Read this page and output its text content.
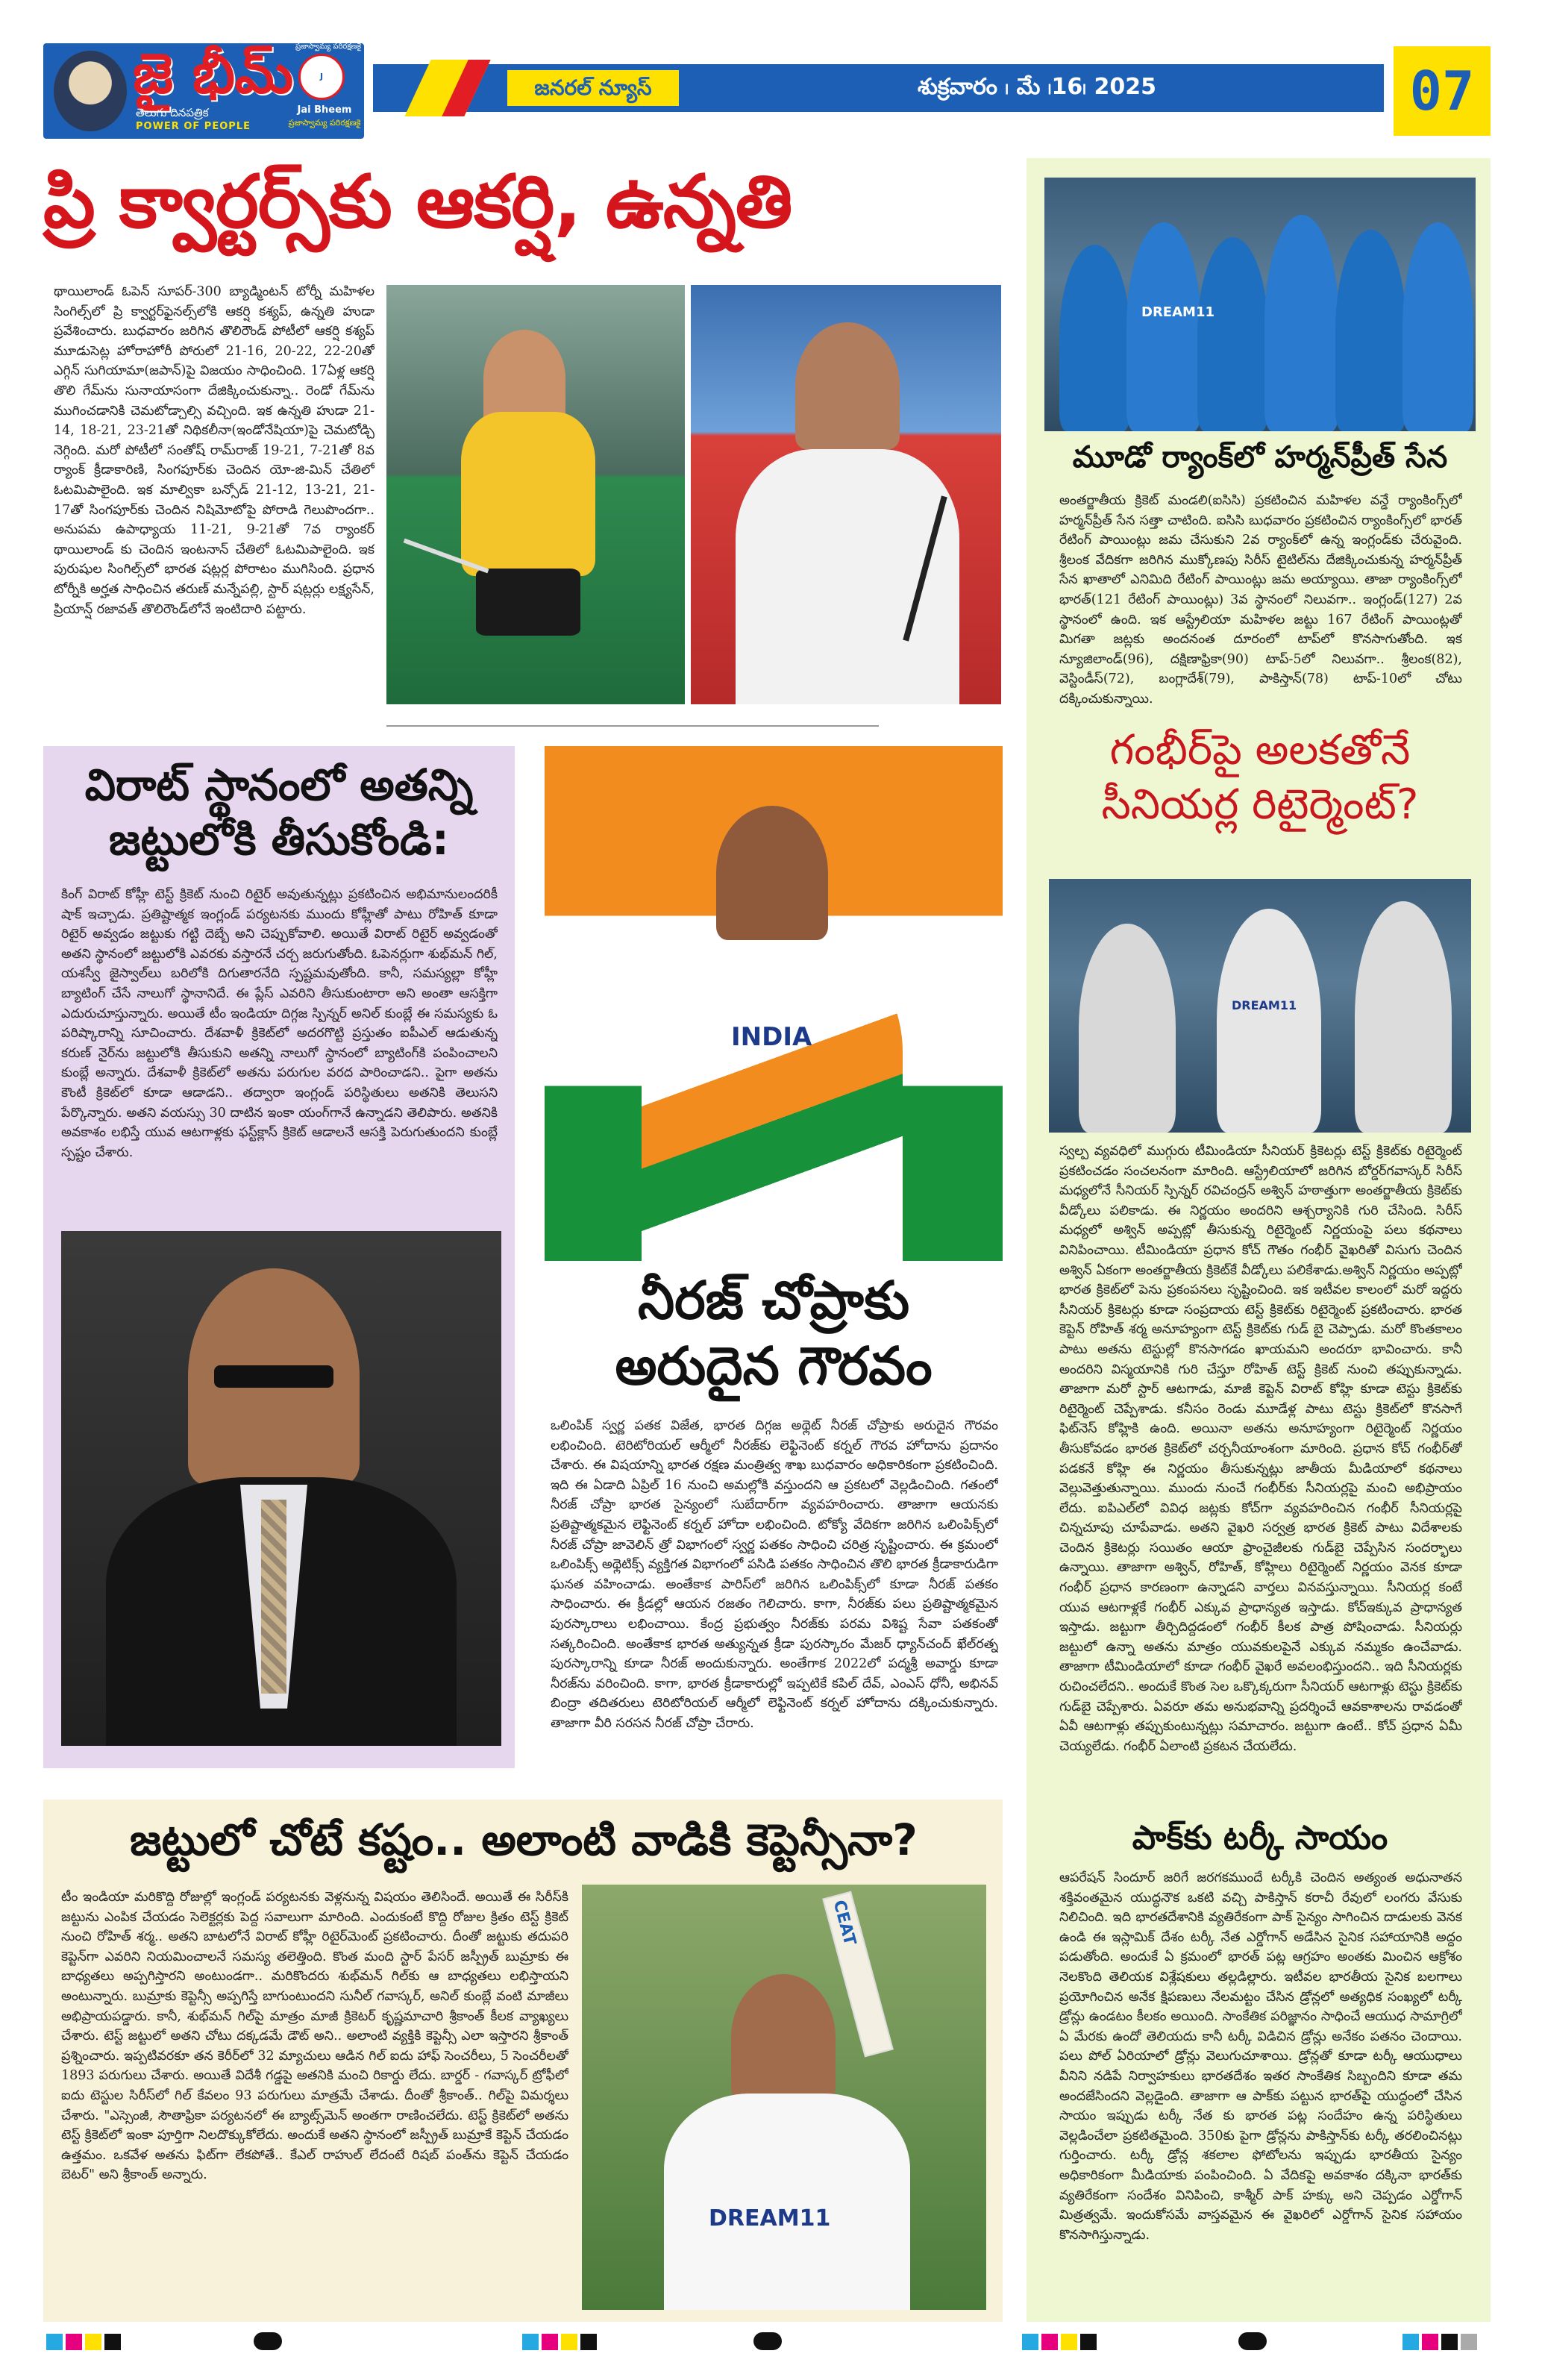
జై భీమ్
తెలుగు దినపత్రిక
POWER OF PEOPLE
ప్రజాస్వామ్య పరిరక్షణకై
J
Jai Bheem
ప్రజాస్వామ్య పరిరక్షణకై
జనరల్ న్యూస్	శుక్రవారం ၊ మే ၊16၊ 2025	07
ప్రి క్వార్టర్స్‌కు ఆకర్షి, ఉన్నతి
థాయిలాండ్ ఓపెన్ సూపర్-300 బ్యాడ్మింటన్ టోర్నీ మహిళల సింగిల్స్‌లో ప్రి క్వార్టర్‌ఫైనల్స్‌లోకి ఆకర్షి కశ్యప్, ఉన్నతి హుడా ప్రవేశించారు. బుధవారం జరిగిన తొలిరౌండ్ పోటీలో ఆకర్షి కశ్యప్ మూడుసెట్ల హోరాహోరీ పోరులో 21-16, 20-22, 22-20తో ఎగ్గిన్ సుగియామా(జపాన్)పై విజయం సాధించింది. 17ఏళ్ల ఆకర్షి తొలి గేమ్‌ను సునాయాసంగా దేజిక్కించుకున్నా.. రెండో గేమ్‌ను ముగించడానికి చెమటోడ్చాల్సి వచ్చింది. ఇక ఉన్నతి హుడా 21-14, 18-21, 23-21తో నిథికలీనా(ఇండోనేషియా)పై చెమటోడ్చి నెగ్గింది. మరో పోటీలో సంతోష్ రామ్‌రాజ్ 19-21, 7-21తో 8వ ర్యాంక్ క్రీడాకారిణి, సింగపూర్‌కు చెందిన యో-జి-మిన్ చేతిలో ఓటమిపాలైంది. ఇక మాల్వికా బన్సోడ్ 21-12, 13-21, 21-17తో సింగపూర్‌కు చెందిన నిషిమోటోపై పోరాడి గెలుపొందగా.. అనుపమ ఉపాధ్యాయ 11-21, 9-21తో 7వ ర్యాంకర్ థాయిలాండ్ కు చెందిన ఇంటనాన్ చేతిలో ఓటమిపాలైంది. ఇక పురుషుల సింగిల్స్‌లో భారత షట్లర్ల పోరాటం ముగిసింది. ప్రధాన టోర్నీకి అర్హత సాధించిన తరుణ్ మన్నేపల్లి, స్టార్ షట్లర్లు లక్ష్యసేన్, ప్రియాన్ష్ రజావత్ తొలిరౌండ్‌లోనే ఇంటిదారి పట్టారు.
విరాట్ స్థానంలో అతన్ని జట్టులోకి తీసుకోండి:
కింగ్ విరాట్ కోహ్లీ టెస్ట్ క్రికెట్ నుంచి రిటైర్ అవుతున్నట్లు ప్రకటించిన అభిమానులందరికీ షాక్ ఇచ్చాడు. ప్రతిష్టాత్మక ఇంగ్లండ్ పర్యటనకు ముందు కోహ్లీతో పాటు రోహిత్ కూడా రిటైర్ అవ్వడం జట్టుకు గట్టి దెబ్బే అని చెప్పుకోవాలి. అయితే విరాట్ రిటైర్ అవ్వడంతో అతని స్థానంలో జట్టులోకి ఎవరకు వస్తారనే చర్చ జరుగుతోంది. ఓపెనర్లుగా శుభ్‌మన్ గిల్, యశస్వీ జైస్వాల్‌లు బరిలోకి దిగుతారనేది స్పష్టమవుతోంది. కానీ, సమస్యల్లా కోహ్లీ బ్యాటింగ్ చేసే నాలుగో స్థానానిదే. ఈ ప్లేస్ ఎవరిని తీసుకుంటారా అని అంతా ఆసక్తిగా ఎదురుచూస్తున్నారు. అయితే టీం ఇండియా దిగ్గజ స్పిన్నర్ అనిల్ కుంబ్లే ఈ సమస్యకు ఓ పరిష్కారాన్ని సూచించారు. దేశవాళీ క్రికెట్‌లో అదరగొట్టి ప్రస్తుతం ఐపీఎల్ ఆడుతున్న కరుణ్ నైర్‌ను జట్టులోకి తీసుకుని అతన్ని నాలుగో స్థానంలో బ్యాటింగ్‌కి పంపించాలని కుంబ్లే అన్నారు. దేశవాళీ క్రికెట్‌లో అతను పరుగుల వరద పారించాడని.. పైగా అతను కౌంటీ క్రికెట్‌లో కూడా ఆడాడని.. తద్వారా ఇంగ్లండ్ పరిస్థితులు అతనికి తెలుసని పేర్కొన్నారు. అతని వయస్సు 30 దాటిన ఇంకా యంగ్‌గానే ఉన్నాడని తెలిపారు. అతనికి అవకాశం లభిస్తే యువ ఆటగాళ్లకు ఫస్ట్‌క్లాస్ క్రికెట్ ఆడాలనే ఆసక్తి పెరుగుతుందని కుంబ్లే స్పష్టం చేశారు.
INDIA
నీరజ్ చోప్రాకు
అరుదైన గౌరవం
ఒలింపిక్ స్వర్ణ పతక విజేత, భారత దిగ్గజ అథ్లెట్ నీరజ్ చోప్రాకు అరుదైన గౌరవం లభించింది. టెరిటోరియల్ ఆర్మీలో నీరజ్‌కు లెఫ్టినెంట్ కర్నల్ గౌరవ హోదాను ప్రదానం చేశారు. ఈ విషయాన్ని భారత రక్షణ మంత్రిత్వ శాఖ బుధవారం అధికారికంగా ప్రకటించింది. ఇది ఈ ఏడాది ఏప్రిల్ 16 నుంచి అమల్లోకి వస్తుందని ఆ ప్రకటలో వెల్లడించింది. గతంలో నీరజ్ చోప్రా భారత సైన్యంలో సుబేదార్‌గా వ్యవహరించారు. తాజాగా ఆయనకు ప్రతిష్టాత్మకమైన లెఫ్టినెంట్ కర్నల్ హోదా లభించింది. టోక్యో వేదికగా జరిగిన ఒలింపిక్స్‌లో నీరజ్ చోప్రా జావెలిన్ త్రో విభాగంలో స్వర్ణ పతకం సాధించి చరిత్ర సృష్టించారు. ఈ క్రమంలో ఒలింపిక్స్ అథ్లెటిక్స్ వ్యక్తిగత విభాగంలో పసిడి పతకం సాధించిన తొలి భారత క్రీడాకారుడిగా ఘనత వహించాడు. అంతేకాక పారిస్‌లో జరిగిన ఒలింపిక్స్‌లో కూడా నీరజ్ పతకం సాధించారు. ఈ క్రీడల్లో ఆయన రజతం గెలిచారు. కాగా, నీరజ్‌కు పలు ప్రతిష్టాత్మకమైన పురస్కారాలు లభించాయి. కేంద్ర ప్రభుత్వం నీరజ్‌కు పరమ విశిష్ట సేవా పతకంతో సత్కరించింది. అంతేకాక భారత అత్యున్నత క్రీడా పురస్కారం మేజర్ ధ్యాన్‌చంద్ ఖేల్‌రత్న పురస్కారాన్ని కూడా నీరజ్ అందుకున్నారు. అంతేగాక 2022లో పద్మశ్రీ అవార్డు కూడా నీరజ్‌ను వరించింది. కాగా, భారత క్రీడాకారుల్లో ఇప్పటికే కపిల్ దేవ్, ఎంఎస్ ధోనీ, అభినవ్ బింద్రా తదితరులు టెరిటోరియల్ ఆర్మీలో లెఫ్టినెంట్ కర్నల్ హోదాను దక్కించుకున్నారు. తాజాగా వీరి సరసన నీరజ్ చోప్రా చేరారు.
జట్టులో చోటే కష్టం.. అలాంటి వాడికి కెప్టెన్సీనా?
టీం ఇండియా మరికొద్ది రోజుల్లో ఇంగ్లండ్ పర్యటనకు వెళ్లనున్న విషయం తెలిసిందే. అయితే ఈ సిరీస్‌కి జట్టును ఎంపిక చేయడం సెలెక్టర్లకు పెద్ద సవాలుగా మారింది. ఎందుకంటే కొద్ది రోజుల క్రితం టెస్ట్ క్రికెట్ నుంచి రోహిత్ శర్మ.. అతని బాటలోనే విరాట్ కోహ్లీ రిటైర్‌మెంట్ ప్రకటించారు. దీంతో జట్టుకు తదుపరి కెప్టెన్‌గా ఎవరిని నియమించాలనే సమస్య తలెత్తింది. కొంత మంది స్టార్ పేసర్ జస్ప్రీత్ బుమ్రాకు ఈ బాధ్యతలు అప్పగిస్తారని అంటుండగా.. మరికొందరు శుభ్‌మన్ గిల్‌కు ఆ బాధ్యతలు లభిస్తాయని అంటున్నారు. బుమ్రాకు కెప్టెన్సీ అప్పగిస్తే బాగుంటుందని సునీల్ గవాస్కర్, అనిల్ కుంబ్లే వంటి మాజీలు అభిప్రాయపడ్డారు. కానీ, శుభ్‌మన్ గిల్‌పై మాత్రం మాజీ క్రికెటర్ కృష్ణమాచారి శ్రీకాంత్ కీలక వ్యాఖ్యలు చేశారు. టెస్ట్ జట్టులో అతని చోటు దక్కడమే డౌట్ అని.. అలాంటి వ్యక్తికి కెప్టెన్సీ ఎలా ఇస్తారని శ్రీకాంత్ ప్రశ్నించారు. ఇప్పటివరకూ తన కెరీర్‌లో 32 మ్యాచులు ఆడిన గిల్ ఐదు హాఫ్ సెంచరీలు, 5 సెంచరీలతో 1893 పరుగులు చేశారు. అయితే విదేశీ గడ్డపై అతనికి మంచి రికార్డు లేదు. బార్డర్ - గవాస్కర్ ట్రోఫీలో ఐదు టెస్టుల సిరీస్‌లో గిల్ కేవలం 93 పరుగులు మాత్రమే చేశాడు. దీంతో శ్రీకాంత్.. గిల్‌పై విమర్శలు చేశారు. "ఎస్సెంజీ, సౌతాఫ్రికా పర్యటనలో ఈ బ్యాట్స్‌మెన్ అంతగా రాణించలేదు. టెస్ట్ క్రికెట్‌లో అతను టెస్ట్ క్రికెట్‌లో ఇంకా పూర్తిగా నిలదొక్కుకోలేదు. అందుకే అతని స్థానంలో జస్ప్రీత్ బుమ్రాకే కెప్టెన్ చేయడం ఉత్తమం. ఒకవేళ అతను ఫిట్‌గా లేకపోతే.. కేఎల్ రాహుల్ లేదంటే రిషబ్ పంత్‌ను కెప్టెన్ చేయడం బెటర్" అని శ్రీకాంత్ అన్నారు.
CEAT
DREAM11
DREAM11
మూడో ర్యాంక్‌లో హర్మన్‌ప్రీత్ సేన
అంతర్జాతీయ క్రికెట్ మండలి(ఐసిసి) ప్రకటించిన మహిళల వన్డే ర్యాంకింగ్స్‌లో హర్మన్‌ప్రీత్ సేన సత్తా చాటింది. ఐసిసి బుధవారం ప్రకటించిన ర్యాంకింగ్స్‌లో భారత్ రేటింగ్ పాయింట్లు జమ చేసుకుని 2వ ర్యాంక్‌లో ఉన్న ఇంగ్లండ్‌కు చేరువైంది. శ్రీలంక వేదికగా జరిగిన ముక్కోణపు సిరీస్ టైటిల్‌ను దేజిక్కించుకున్న హర్మన్‌ప్రీత్ సేన ఖాతాలో ఎనిమిది రేటింగ్ పాయింట్లు జమ అయ్యాయి. తాజా ర్యాంకింగ్స్‌లో భారత్(121 రేటింగ్ పాయింట్లు) 3వ స్థానంలో నిలువగా.. ఇంగ్లండ్(127) 2వ స్థానంలో ఉంది. ఇక ఆస్ట్రేలియా మహిళల జట్టు 167 రేటింగ్ పాయింట్లతో మిగతా జట్లకు అందనంత దూరంలో టాప్‌లో కొనసాగుతోంది. ఇక న్యూజిలాండ్(96), దక్షిణాఫ్రికా(90) టాప్-5లో నిలువగా.. శ్రీలంక(82), వెస్టిండీస్(72), బంగ్లాదేశ్(79), పాకిస్తాన్(78) టాప్-10లో చోటు దక్కించుకున్నాయి.
గంభీర్‌పై అలకతోనే సీనియర్ల రిటైర్మెంట్?
DREAM11
స్వల్ప వ్యవధిలో ముగ్గురు టీమిండియా సీనియర్ క్రికెటర్లు టెస్ట్ క్రికెట్‌కు రిటైర్మెంట్ ప్రకటించడం సంచలనంగా మారింది. ఆస్ట్రేలియాలో జరిగిన బోర్డర్‌గవాస్కర్ సిరీస్ మధ్యలోనే సీనియర్ స్పిన్నర్ రవిచంద్రన్ అశ్విన్ హఠాత్తుగా అంతర్జాతీయ క్రికెట్‌కు వీడ్కోలు పలికాడు. ఈ నిర్ణయం అందరిని ఆశ్చర్యానికి గురి చేసింది. సిరీస్ మధ్యలో అశ్విన్ అప్పట్లో తీసుకున్న రిటైర్మెంట్ నిర్ణయంపై పలు కథనాలు వినిపించాయి. టీమిండియా ప్రధాన కోచ్ గౌతం గంభీర్ వైఖరితో విసుగు చెందిన అశ్విన్ ఏకంగా అంతర్జాతీయ క్రికెట్‌కే వీడ్కోలు పలికేశాడు.అశ్విన్ నిర్ణయం అప్పట్లో భారత క్రికెట్‌లో పెను ప్రకంపనలు సృష్టించింది. ఇక ఇటీవల కాలంలో మరో ఇద్దరు సీనియర్ క్రికెటర్లు కూడా సంప్రదాయ టెస్ట్ క్రికెట్‌కు రిటైర్మెంట్ ప్రకటించారు. భారత కెప్టెన్ రోహిత్ శర్మ అనూహ్యంగా టెస్ట్ క్రికెట్‌కు గుడ్ బై చెప్పాడు. మరో కొంతకాలం పాటు అతను టెస్టుల్లో కొనసాగడం ఖాయమని అందరూ భావించారు. కానీ అందరిని విస్మయానికి గురి చేస్తూ రోహిత్ టెస్ట్ క్రికెట్ నుంచి తప్పుకున్నాడు. తాజాగా మరో స్టార్ ఆటగాడు, మాజీ కెప్టెన్ విరాట్ కోహ్లి కూడా టెస్టు క్రికెట్‌కు రిటైర్మెంట్ చెప్పేశాడు. కనీసం రెండు మూడేళ్ల పాటు టెస్టు క్రికెట్‌లో కొనసాగే ఫిట్‌నెస్ కోహ్లికి ఉంది. అయినా అతను అనూహ్యంగా రిటైర్మెంట్ నిర్ణయం తీసుకోవడం భారత క్రికెట్‌లో చర్చనీయాంశంగా మారింది. ప్రధాన కోచ్ గంభీర్‌తో పడకనే కోహ్లి ఈ నిర్ణయం తీసుకున్నట్లు జాతీయ మీడియాలో కథనాలు వెల్లువెత్తుతున్నాయి. ముందు నుంచే గంభీర్‌కు సీనియర్లపై మంచి అభిప్రాయం లేదు. ఐపిఎల్‌లో వివిధ జట్లకు కోచ్‌గా వ్యవహరించిన గంభీర్ సీనియర్లపై చిన్నచూపు చూపేవాడు. అతని వైఖరి సర్వత్ర భారత క్రికెట్ పాటు విదేశాలకు చెందిన క్రికెటర్లు సయితం ఆయా ఫ్రాంచైజీలకు గుడ్‌బై చెప్పేసిన సందర్భాలు ఉన్నాయి. తాజాగా అశ్విన్, రోహిత్, కోహ్లిలు రిటైర్మెంట్ నిర్ణయం వెనక కూడా గంభీర్ ప్రధాన కారణంగా ఉన్నాడని వార్తలు వినవస్తున్నాయి. సీనియర్ల కంటే యువ ఆటగాళ్లకే గంభీర్ ఎక్కువ ప్రాధాన్యత ఇస్తాడు. కోచ్‌ఇక్కువ ప్రాధాన్యత ఇస్తాడు. జట్టుగా తీర్చిదిద్దడంలో గంభీర్ కీలక పాత్ర పోషించాడు. సీనియర్లు జట్టులో ఉన్నా అతను మాత్రం యువకులపైనే ఎక్కువ నమ్మకం ఉంచేవాడు. తాజాగా టీమిండియాలో కూడా గంభీర్ వైఖరే అవలంభిస్తుందని.. ఇది సీనియర్లకు రుచించలేదని.. అందుకే కొంత సెల ఒక్కొక్కరుగా సీనియర్ ఆటగాళ్లు టెస్టు క్రికెట్‌కు గుడ్‌బై చెప్పేశారు. ఏవరూ తమ అనుభవాన్ని ప్రదర్శించే ఆవకాశాలను రావడంతో ఏవీ ఆటగాళ్లు తప్పుకుంటున్నట్లు సమాచారం. జట్టుగా ఉంటే.. కోచ్ ప్రధాన ఏమీ చెయ్యలేడు. గంభీర్ ఏలాంటి ప్రకటన చేయలేదు.
పాక్‌కు టర్కీ సాయం
ఆపరేషన్ సిందూర్ జరిగే జరగకముందే టర్కీకి చెందిన అత్యంత అధునాతన శక్తివంతమైన యుద్ధనౌక ఒకటి వచ్చి పాకిస్తాన్ కరాచీ రేవులో లంగరు వేసుకు నిలిచింది. ఇది భారతదేశానికి వ్యతిరేకంగా పాక్ సైన్యం సాగించిన దాడులకు వెనక ఉండి ఈ ఇస్లామిక్ దేశం టర్కీ నేత ఎర్డోగాన్ అడేసిన సైనిక సహాయానికి అద్దం పడుతోంది. అందుకే ఏ క్రమంలో భారత్ పట్ల ఆగ్రహం అంతకు మించిన ఆక్రోశం నెలకొంది తెలియక విశ్లేషకులు తల్లడిల్లారు. ఇటీవల భారతీయ సైనిక బలగాలు ప్రయోగించిన అనేక క్షిపణులు నేలమట్టం చేసిన డ్రోన్లలో అత్యధిక సంఖ్యలో టర్కీ డ్రోన్లు ఉండటం కీలకం అయింది. సాంకేతిక పరిజ్ఞానం సాధించే ఆయుధ సామాగ్రిలో ఏ మేరకు ఉందో తెలియదు కానీ టర్కీ విడిచిన డ్రోన్లు అనేకం పతనం చెందాయి. పలు పోల్ ఏరియాలో డ్రోన్లు వెలుగుచూశాయి. డ్రోన్లతో కూడా టర్కీ ఆయుధాలు వీనిని నడిపే నిర్వాహకులు భారతదేశం ఇతర సాంకేతిక సిబ్బందిని కూడా తమ అందజేసిందని వెల్లడైంది. తాజాగా ఆ పాక్‌కు పట్టున భారత్‌పై యుద్ధంలో చేసిన సాయం ఇప్పుడు టర్కీ నేత కు భారత పట్ల సందేహం ఉన్న పరిస్థితులు వెల్లడించేలా ప్రకటితమైంది. 350కు పైగా డ్రోన్లను పాకిస్తాన్‌కు టర్కీ తరలించినట్లు గుర్తించారు. టర్కీ డ్రోన్ల శకలాల ఫోటోలను ఇప్పుడు భారతీయ సైన్యం అధికారికంగా మీడియాకు పంపించింది. ఏ వేదికపై అవకాశం దక్కినా భారత్‌కు వ్యతిరేకంగా సందేశం వినిపించి, కాశ్మీర్ పాక్ హక్కు అని చెప్పడం ఎర్డోగాన్ మిత్రత్వమే. ఇందుకోసమే వాస్తవమైన ఈ వైఖరిలో ఎర్డోగాన్ సైనిక సహాయం కొనసాగిస్తున్నాడు.
